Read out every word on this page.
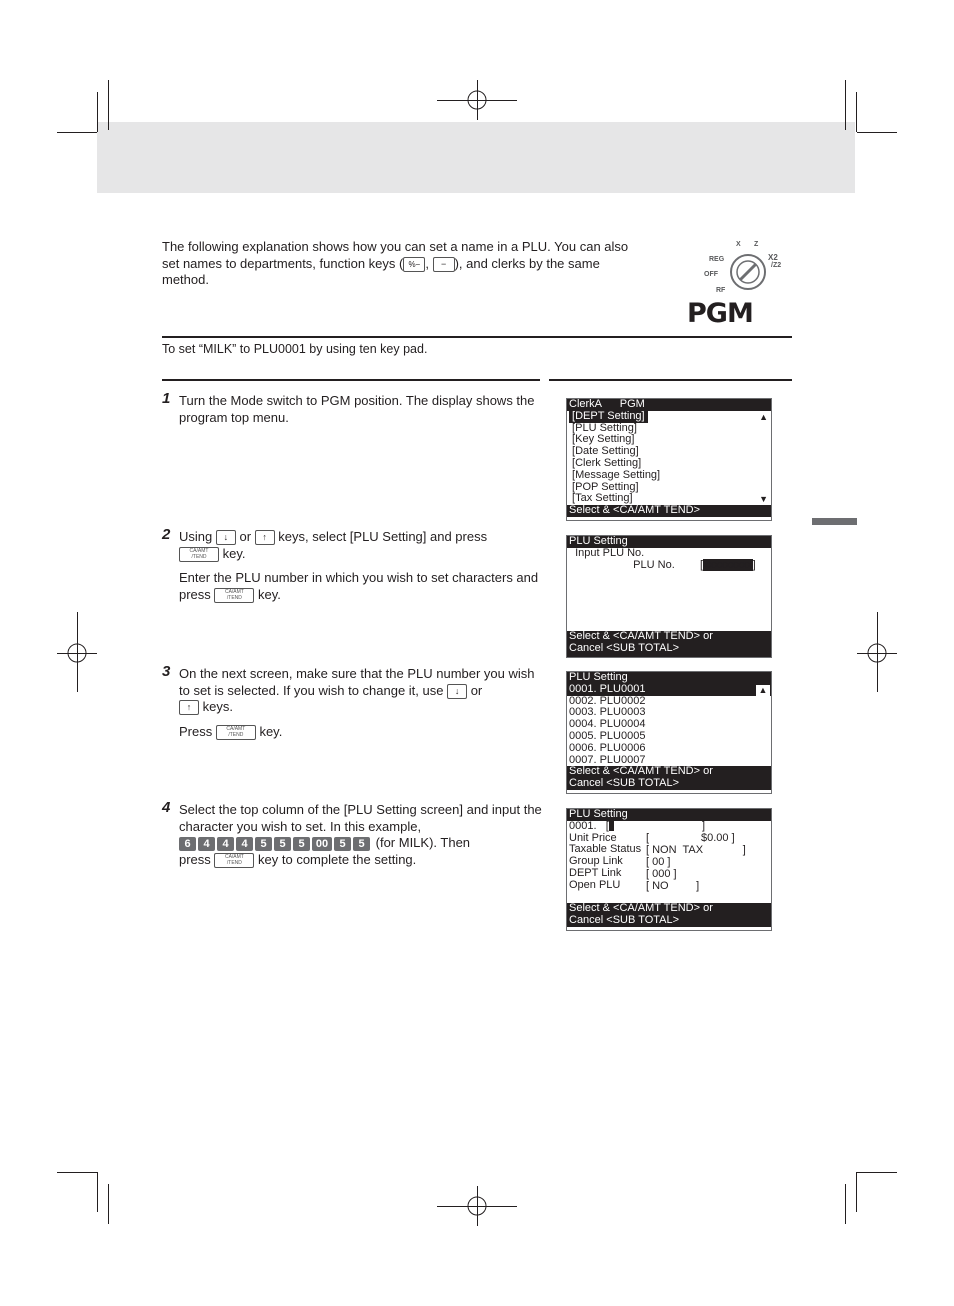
The following explanation shows how you can set a name in a PLU. You can also
set names to departments, function keys ( %− , − ), and clerks by the same
method.
X Z
REG	X2
/Z2
OFF
RF
PGM
To set “MILK” to PLU0001 by using ten key pad.
1 Turn the Mode switch to PGM position. The display shows the program top menu.

2 Using ↓ or ↑ keys, select [PLU Setting] and press
CA/AMT
/TEND key.

Enter the PLU number in which you wish to set characters and press CA/AMT
/TEND key.

3 On the next screen, make sure that the PLU number you wish to set is selected. If you wish to change it, use ↓ or
↑ keys.

Press CA/AMT
/TEND key.

4 Select the top column of the [PLU Setting screen] and input the character you wish to set. In this example,
6 4 4 4 5 5 5 00 5 5 (for MILK). Then
press CA/AMT
/TEND key to complete the setting.

ClerkA      PGM
[DEPT Setting]
[PLU Setting]
[Key Setting]
[Date Setting]
[Clerk Setting]
[Message Setting]
[POP Setting]
[Tax Setting]
Select & <CA/AMT TEND>
▲
▼
PLU Setting
Input PLU No.
PLU No.
Select & <CA/AMT TEND> or
Cancel <SUB TOTAL>
[xxxxxxxxx]
PLU Setting
0001. PLU0001
0002. PLU0002
0003. PLU0003
0004. PLU0004
0005. PLU0005
0006. PLU0006
0007. PLU0007
Select & <CA/AMT TEND> or
Cancel <SUB TOTAL>
▲
PLU Setting
0001.   [
Unit Price
Taxable Status
Group Link
DEPT Link
Open PLU
Select & <CA/AMT TEND> or
Cancel <SUB TOTAL>
]
[                 $0.00 ]
[ NON  TAX             ]
[ 00 ]
[ 000 ]
[ NO         ]
